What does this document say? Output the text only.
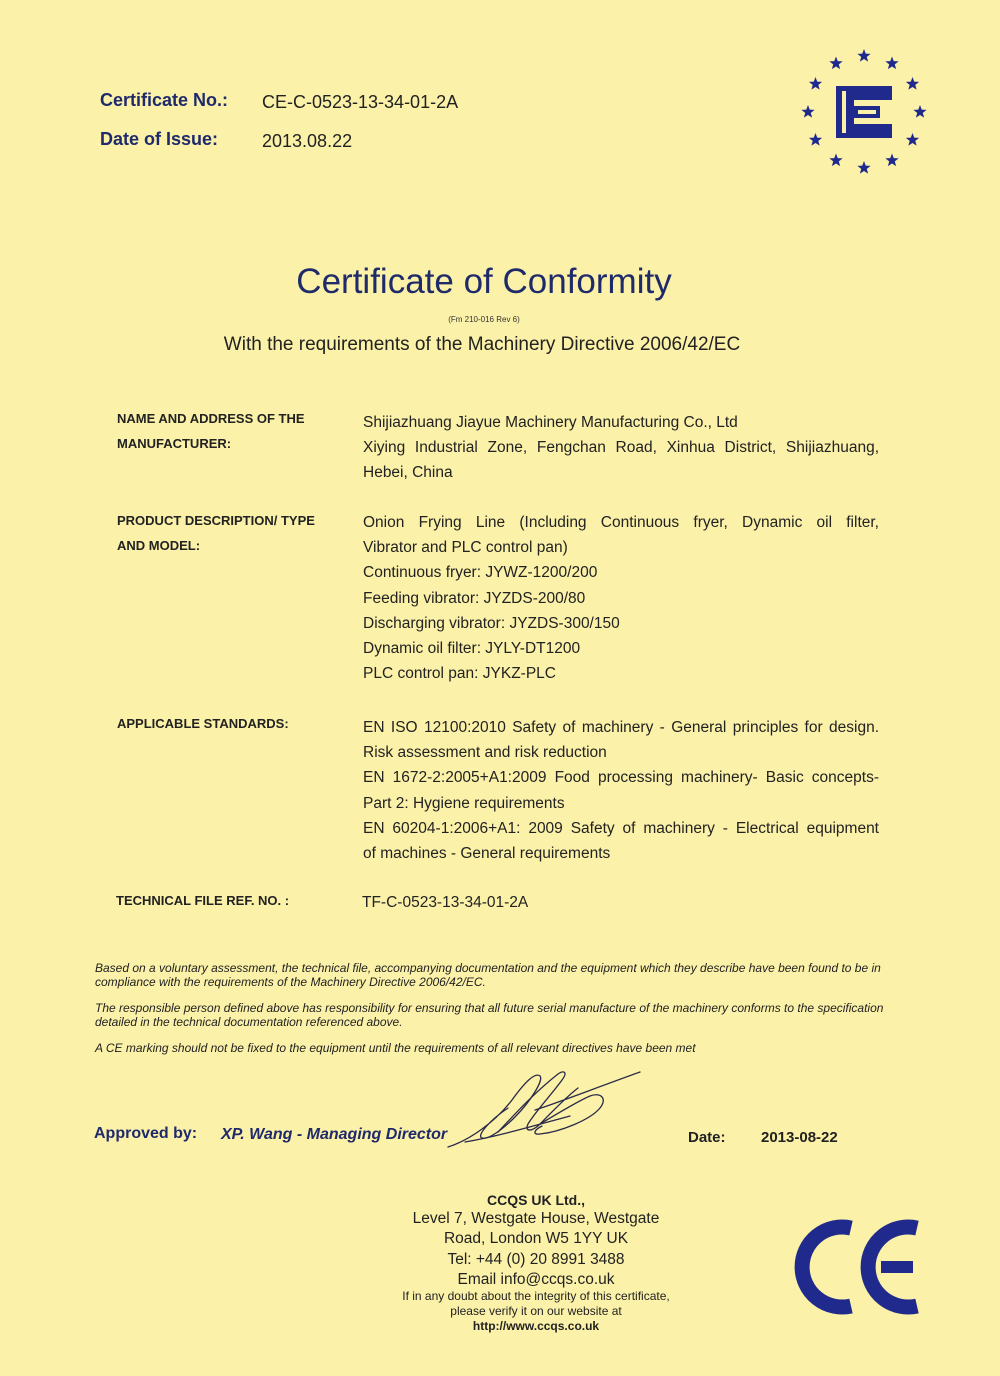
Certificate No.: CE-C-0523-13-34-01-2A
Date of Issue: 2013.08.22
Certificate of Conformity
(Fm 210-016 Rev 6)
With the requirements of the Machinery Directive 2006/42/EC
NAME AND ADDRESS OF THE
MANUFACTURER:
Shijiazhuang Jiayue Machinery Manufacturing Co., Ltd
Xiying Industrial Zone, Fengchan Road, Xinhua District, Shijiazhuang,
Hebei, China
PRODUCT DESCRIPTION/ TYPE
AND MODEL:
Onion Frying Line (Including Continuous fryer, Dynamic oil filter,
Vibrator and PLC control pan)
Continuous fryer: JYWZ-1200/200
Feeding vibrator: JYZDS-200/80
Discharging vibrator: JYZDS-300/150
Dynamic oil filter: JYLY-DT1200
PLC control pan: JYKZ-PLC
APPLICABLE STANDARDS:	EN ISO 12100:2010 Safety of machinery - General principles for design.
Risk assessment and risk reduction
EN 1672-2:2005+A1:2009 Food processing machinery- Basic concepts-
Part 2: Hygiene requirements
EN 60204-1:2006+A1: 2009 Safety of machinery - Electrical equipment
of machines - General requirements
TECHNICAL FILE REF. NO. :	TF-C-0523-13-34-01-2A

Based on a voluntary assessment, the technical file, accompanying documentation and the equipment which they describe have been found to be in compliance with the requirements of the Machinery Directive 2006/42/EC.

The responsible person defined above has responsibility for ensuring that all future serial manufacture of the machinery conforms to the specification detailed in the technical documentation referenced above.

A CE marking should not be fixed to the equipment until the requirements of all relevant directives have been met

Approved by: XP. Wang - Managing Director	Date: 2013-08-22
CCQS UK Ltd.,
Level 7, Westgate House, Westgate
Road, London W5 1YY UK
Tel: +44 (0) 20 8991 3488
Email info@ccqs.co.uk
If in any doubt about the integrity of this certificate,
please verify it on our website at
http://www.ccqs.co.uk
